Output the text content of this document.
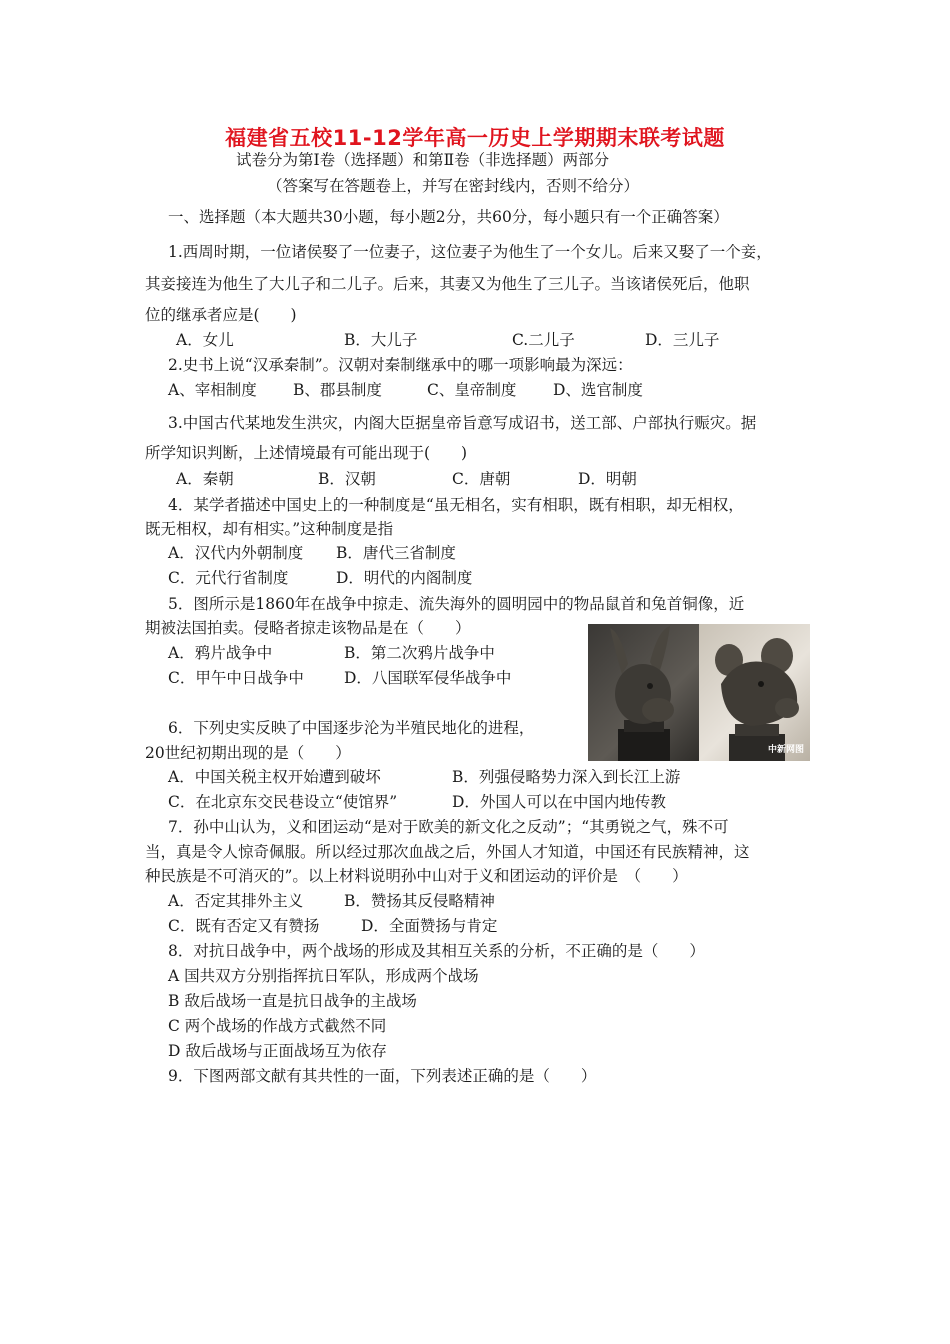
福建省五校11-12学年高一历史上学期期末联考试题
试卷分为第Ⅰ卷（选择题）和第Ⅱ卷（非选择题）两部分
（答案写在答题卷上，并写在密封线内，否则不给分）
一、选择题（本大题共30小题，每小题2分，共60分，每小题只有一个正确答案）
1.西周时期，一位诸侯娶了一位妻子，这位妻子为他生了一个女儿。后来又娶了一个妾，
其妾接连为他生了大儿子和二儿子。后来，其妻又为他生了三儿子。当该诸侯死后，他职
位的继承者应是(　　)
A．女儿	B．大儿子	C.二儿子	D．三儿子
2.史书上说“汉承秦制”。汉朝对秦制继承中的哪一项影响最为深远：
A、宰相制度 B、郡县制度	C、皇帝制度 D、选官制度
3.中国古代某地发生洪灾，内阁大臣据皇帝旨意写成诏书，送工部、户部执行赈灾。据
所学知识判断，上述情境最有可能出现于(　　)
A．秦朝	B．汉朝	C．唐朝	D．明朝
4．某学者描述中国史上的一种制度是“虽无相名，实有相职，既有相职，却无相权，
既无相权，却有相实。”这种制度是指
A．汉代内外朝制度 B．唐代三省制度
C．元代行省制度	D．明代的内阁制度
5．图所示是1860年在战争中掠走、流失海外的圆明园中的物品鼠首和兔首铜像，近
期被法国拍卖。侵略者掠走该物品是在（　　）
A．鸦片战争中	B．第二次鸦片战争中
C．甲午中日战争中	D．八国联军侵华战争中
中新网图
6．下列史实反映了中国逐步沦为半殖民地化的进程，
20世纪初期出现的是（　　）
A．中国关税主权开始遭到破坏	B．列强侵略势力深入到长江上游
C．在北京东交民巷设立“使馆界”	D．外国人可以在中国内地传教
7．孙中山认为，义和团运动“是对于欧美的新文化之反动”；“其勇锐之气，殊不可
当，真是令人惊奇佩服。所以经过那次血战之后，外国人才知道，中国还有民族精神，这
种民族是不可消灭的”。以上材料说明孙中山对于义和团运动的评价是　（　　）
A．否定其排外主义	B．赞扬其反侵略精神
C．既有否定又有赞扬	D．全面赞扬与肯定
8．对抗日战争中，两个战场的形成及其相互关系的分析，不正确的是（　　）
A 国共双方分别指挥抗日军队，形成两个战场
B 敌后战场一直是抗日战争的主战场
C 两个战场的作战方式截然不同
D 敌后战场与正面战场互为依存
9．下图两部文献有其共性的一面，下列表述正确的是（　　）
